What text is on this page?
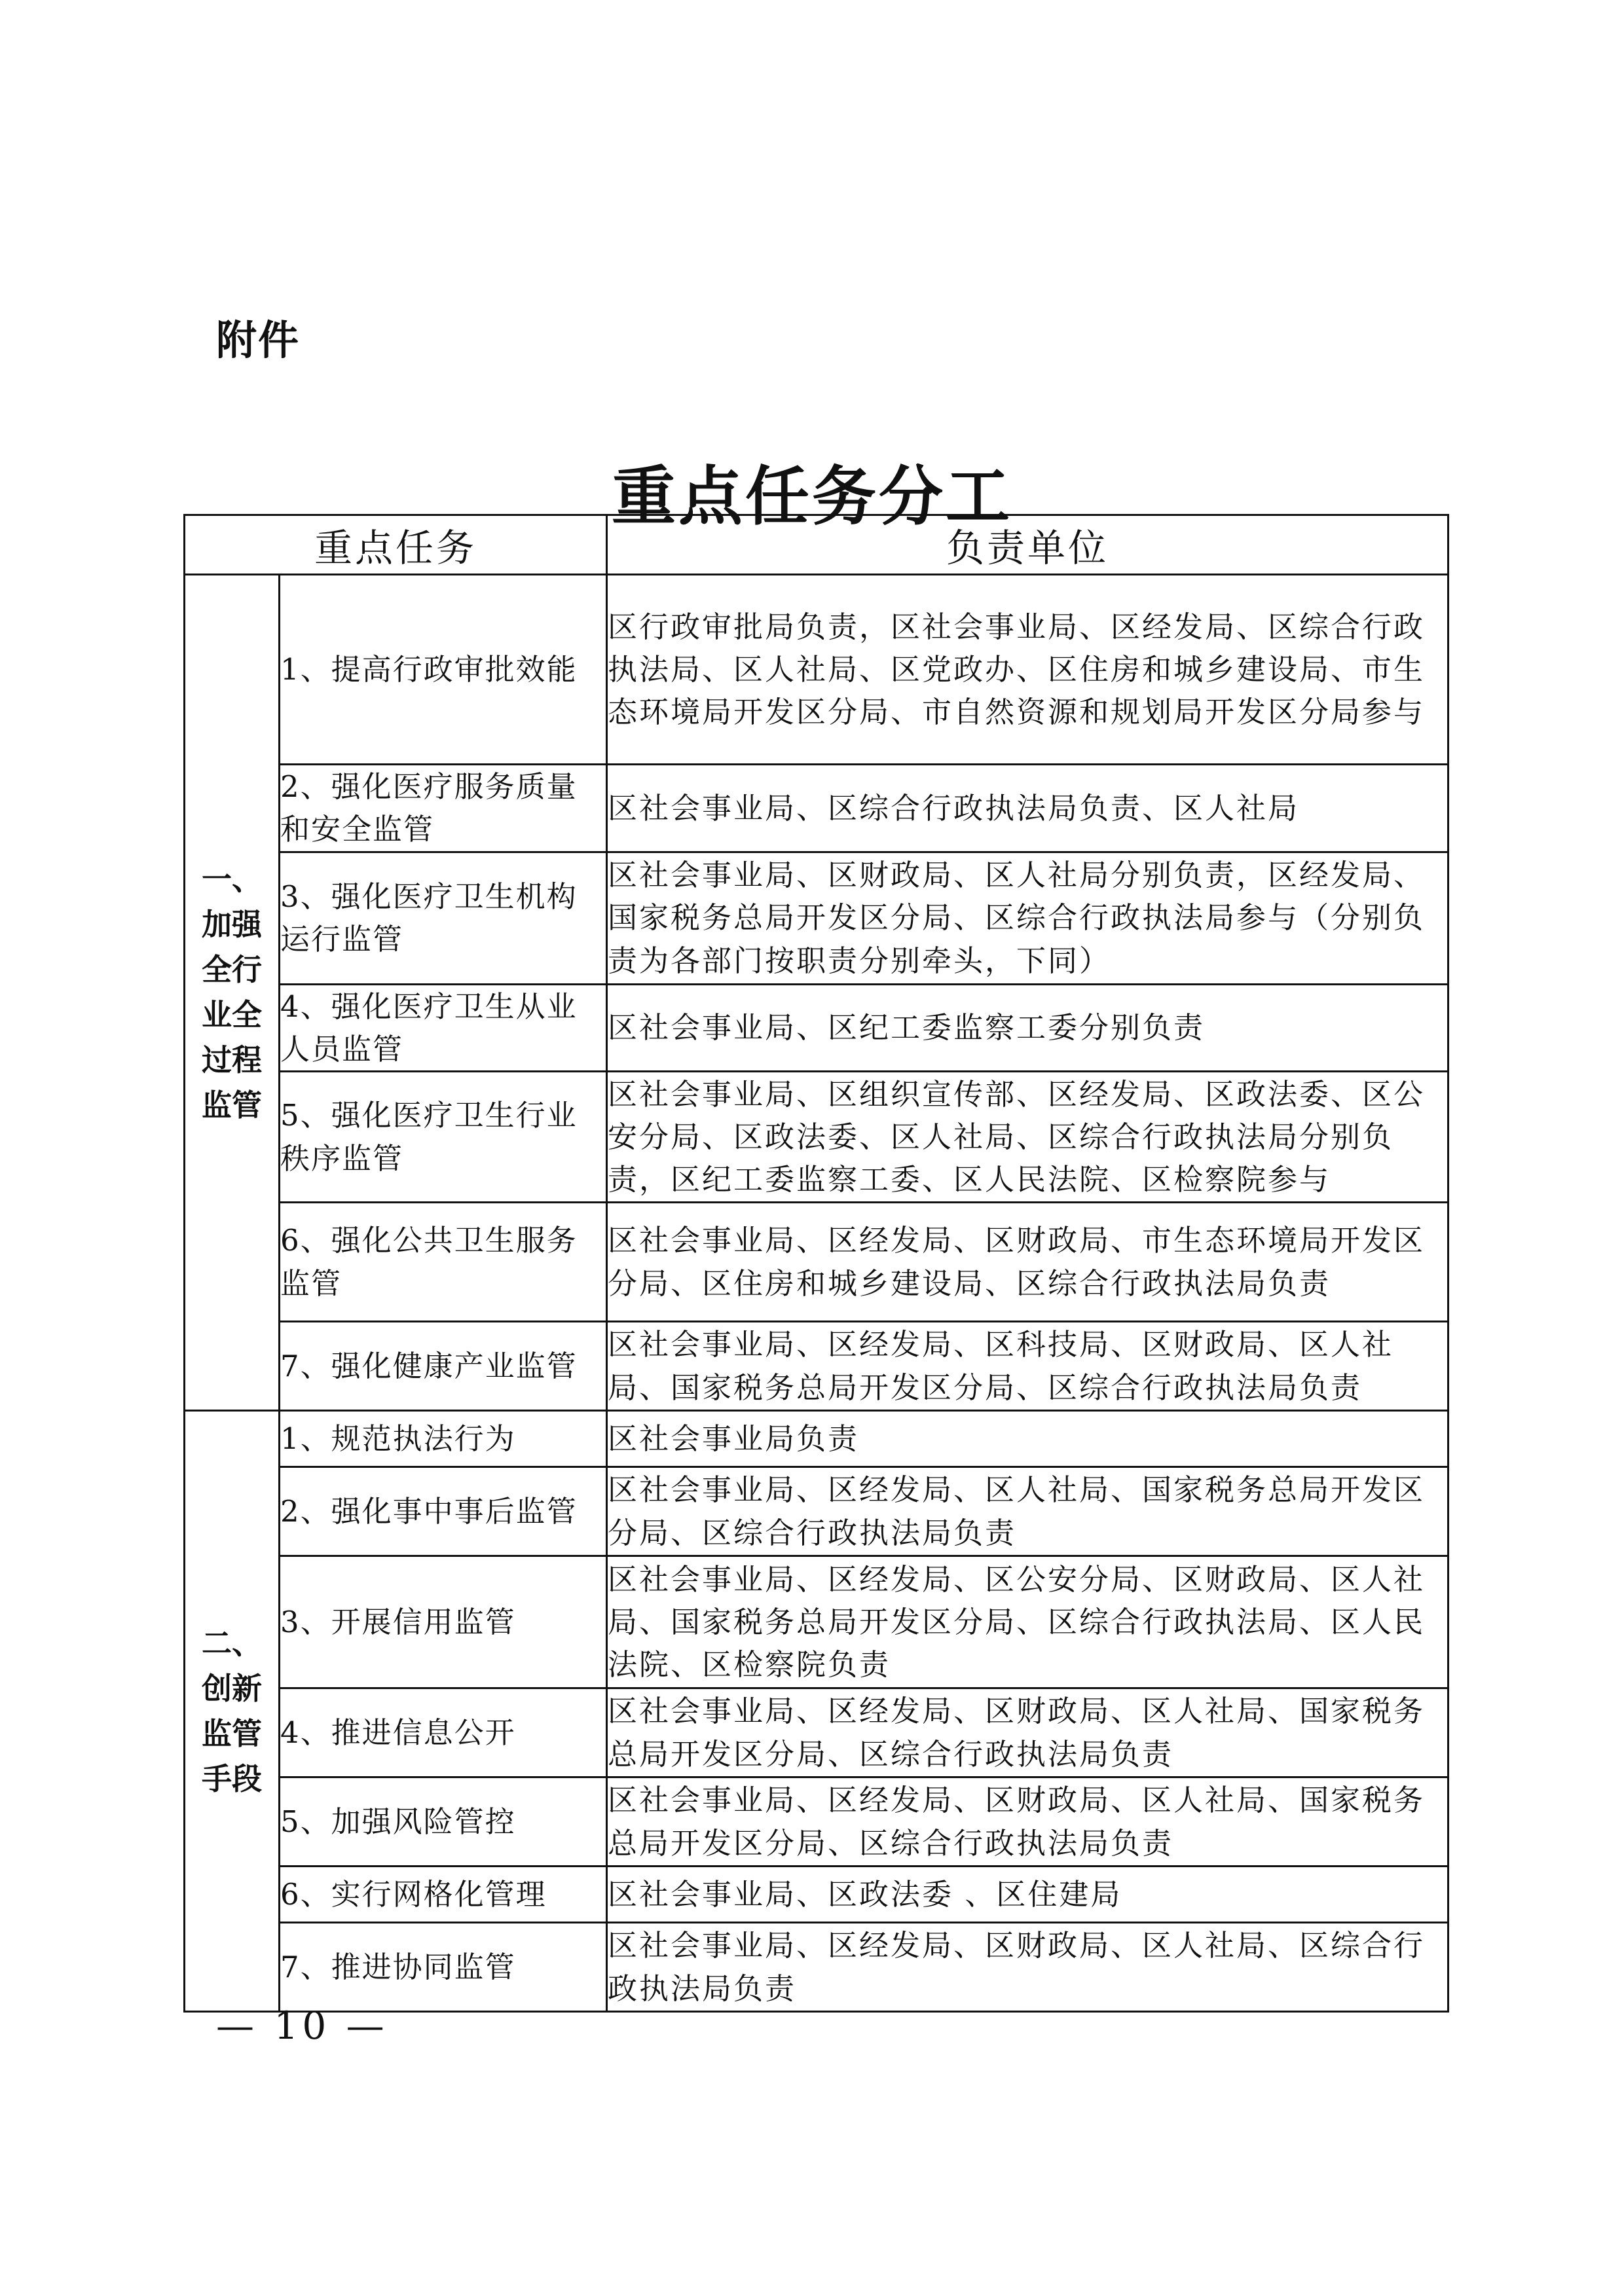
附件
重点任务分工
重点任务		负责单位

一、加强全行业全过程监管	1、提高行政审批效能	区行政审批局负责，区社会事业局、区经发局、区综合行政执法局、区人社局、区党政办、区住房和城乡建设局、市生态环境局开发区分局、市自然资源和规划局开发区分局参与
	2、强化医疗服务质量和安全监管	区社会事业局、区综合行政执法局负责、区人社局
	3、强化医疗卫生机构运行监管	区社会事业局、区财政局、区人社局分别负责，区经发局、国家税务总局开发区分局、区综合行政执法局参与（分别负责为各部门按职责分别牵头，下同）
	4、强化医疗卫生从业人员监管	区社会事业局、区纪工委监察工委分别负责
	5、强化医疗卫生行业秩序监管	区社会事业局、区组织宣传部、区经发局、区政法委、区公安分局、区政法委、区人社局、区综合行政执法局分别负责，区纪工委监察工委、区人民法院、区检察院参与
	6、强化公共卫生服务监管	区社会事业局、区经发局、区财政局、市生态环境局开发区分局、区住房和城乡建设局、区综合行政执法局负责
	7、强化健康产业监管	区社会事业局、区经发局、区科技局、区财政局、区人社局、国家税务总局开发区分局、区综合行政执法局负责

二、创新监管手段	1、规范执法行为	区社会事业局负责
	2、强化事中事后监管	区社会事业局、区经发局、区人社局、国家税务总局开发区分局、区综合行政执法局负责
	3、开展信用监管	区社会事业局、区经发局、区公安分局、区财政局、区人社局、国家税务总局开发区分局、区综合行政执法局、区人民法院、区检察院负责
	4、推进信息公开	区社会事业局、区经发局、区财政局、区人社局、国家税务总局开发区分局、区综合行政执法局负责
	5、加强风险管控	区社会事业局、区经发局、区财政局、区人社局、国家税务总局开发区分局、区综合行政执法局负责
	6、实行网格化管理	区社会事业局、区政法委 、区住建局
	7、推进协同监管	区社会事业局、区经发局、区财政局、区人社局、区综合行政执法局负责
— 10 —
